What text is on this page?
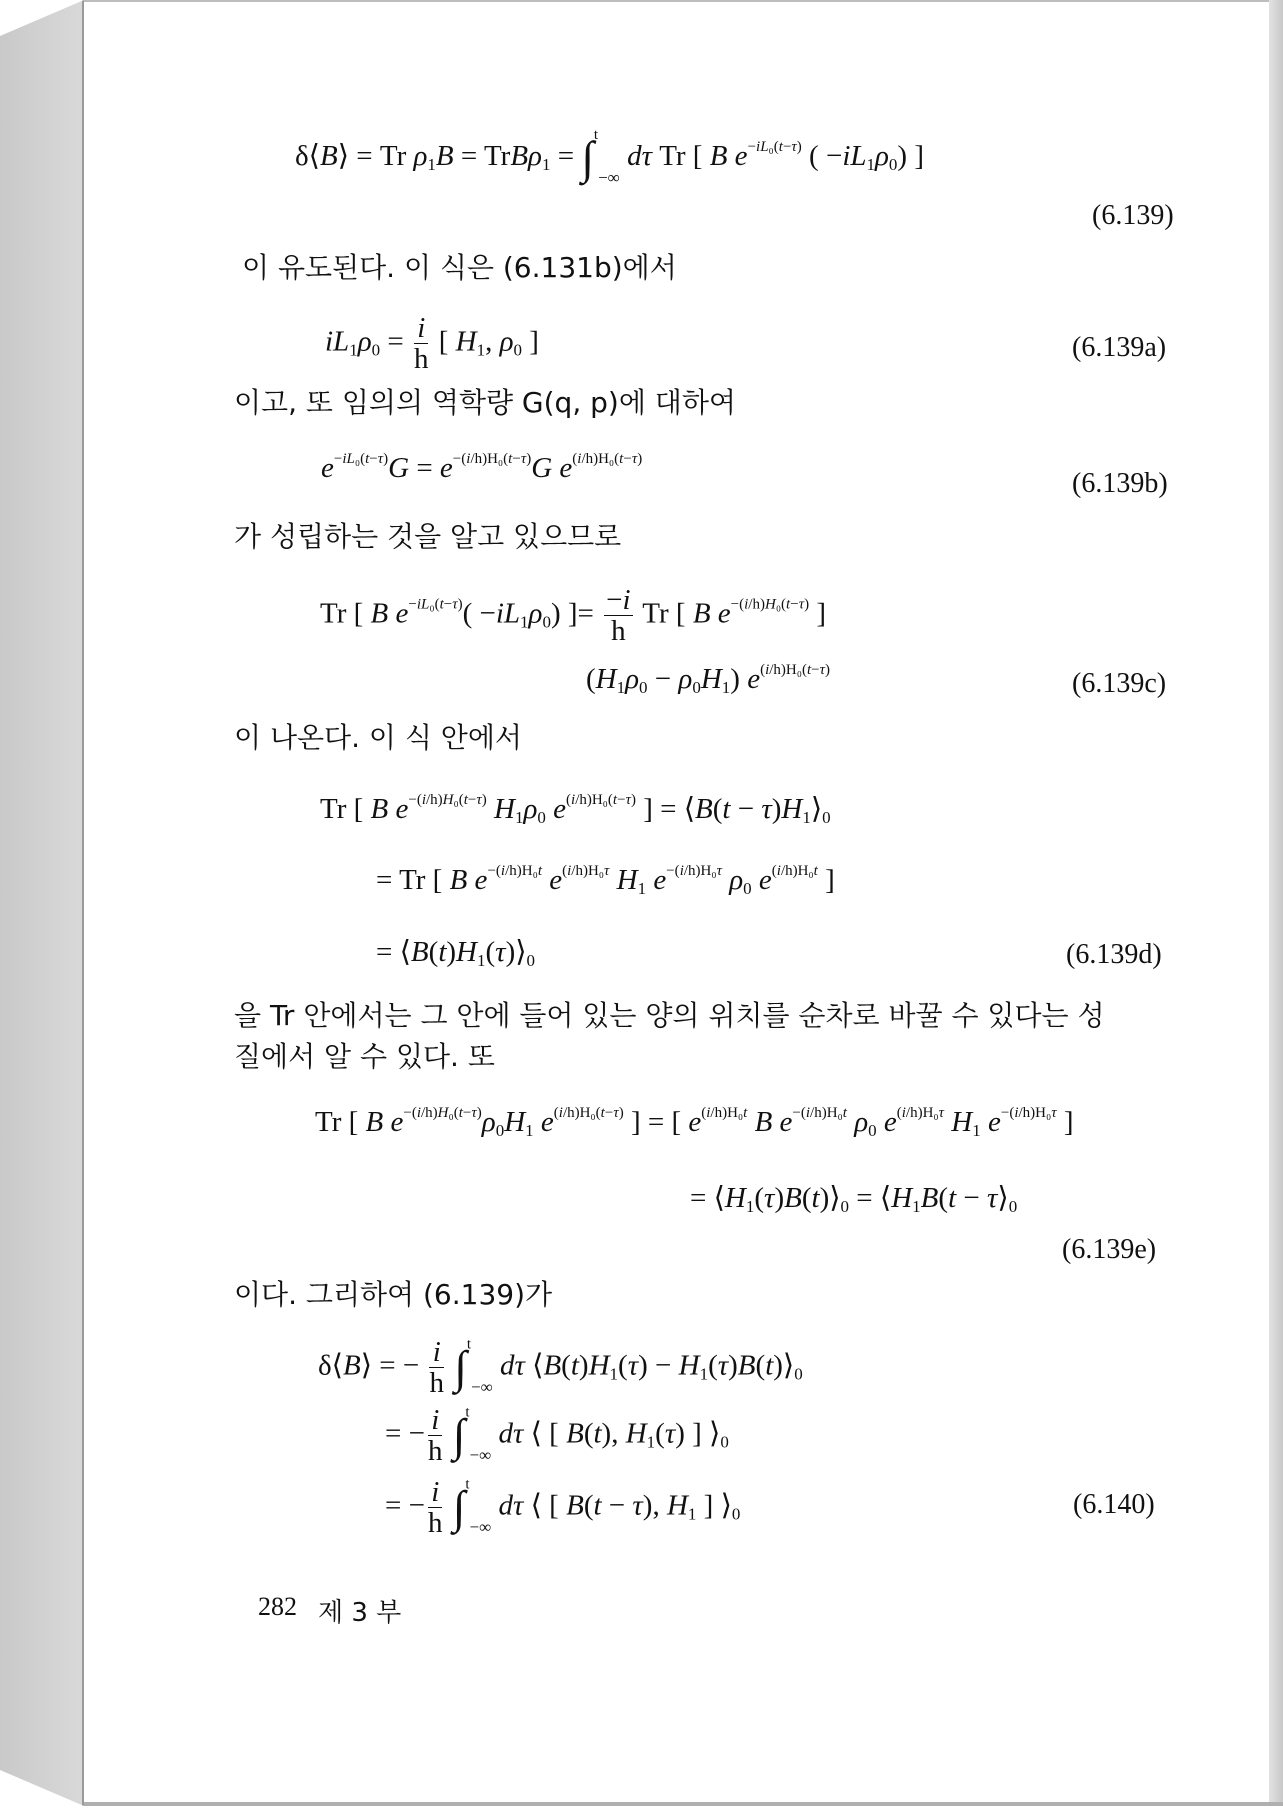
δ⟨B⟩ = Tr $\rho_1B = TrB\rho_1 = \int^t_{-\infty}$ dτ Tr [ B $e^{-iL_0(t-\tau)}$ ( $-iL_1\rho_0$) ]
(6.139)
이 유도된다. 이 식은 (6.131b)에서
$iL_1\rho_0 = \frac{i}{h}$ [ $H_1$, $\rho_0$ ]	(6.139a)
이고, 또 임의의 역학량 G(q, p)에 대하여
$e^{-iL_0(t-\tau)}G = e^{-(i/h)H_0(t-\tau)}G$ $e^{(i/h)H_0(t-\tau)}$
(6.139b)
가 성립하는 것을 알고 있으므로
Tr [ B $e^{-iL_0(t-\tau)}( -iL_1\rho_0)$ ]= $\frac{-i}{h}$ Tr [ B $e^{-(i/h)H_0(t-\tau)}$ ]
$(H_1\rho_0 - \rho_0H_1)$ $e^{(i/h)H_0(t-\tau)}$	(6.139c)
이 나온다. 이 식 안에서
Tr [ B $e^{-(i/h)H_0(t-\tau)}$ $H_1\rho_0$ $e^{(i/h)H_0(t-\tau)}$ ] = ⟨B(t − $\tau)H_1⟩_0$
= Tr [ B $e^{-(i/h)H_0t}$ $e^{(i/h)H_0\tau}$ $H_1$ $e^{-(i/h)H_0\tau}$ $\rho_0$ $e^{(i/h)H_0t}$ ]
= $⟨B(t)H_1(\tau)⟩_0$	(6.139d)
을 Tr 안에서는 그 안에 들어 있는 양의 위치를 순차로 바꿀 수 있다는 성
질에서 알 수 있다. 또
Tr [ B $e^{-(i/h)H_0(t-\tau)}\rho_0H_1$ $e^{(i/h)H_0(t-\tau)}$ ] = [ $e^{(i/h)H_0t}$ B $e^{-(i/h)H_0t}$ $\rho_0$ $e^{(i/h)H_0\tau}$ $H_1$ $e^{-(i/h)H_0\tau}$ ]
= $⟨H_1(\tau)B(t)⟩_0$ = $⟨H_1B(t$ − $\tau⟩_0$
(6.139e)
이다. 그리하여 (6.139)가
δ⟨B⟩ = − $\frac{i}{h} \int^t_{-\infty}$ dτ $⟨B(t)H_1(\tau)$ − $H_1(\tau)B(t)⟩_0$
= − $\frac{i}{h} \int^t_{-\infty}$ dτ ⟨ [ B(t), $H_1(\tau)$ ] $⟩_0$
= − $\frac{i}{h} \int^t_{-\infty}$ dτ ⟨ [ B(t − τ), $H_1$ ] $⟩_0$	(6.140)
282 제 3 부
